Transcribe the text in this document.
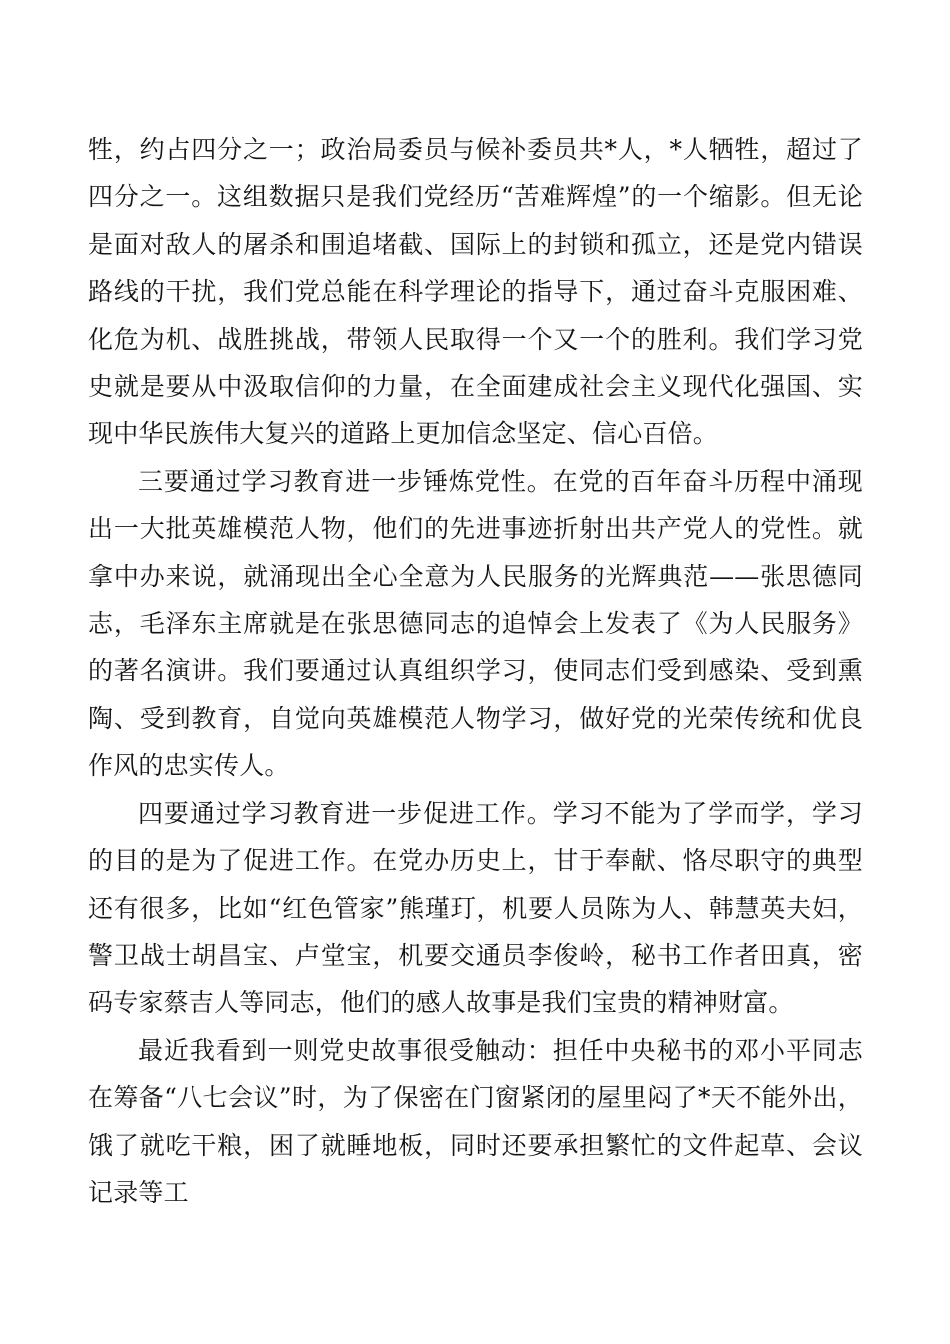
牲，约占四分之一；政治局委员与候补委员共*人，*人牺牲，超过了四分之一。这组数据只是我们党经历“苦难辉煌”的一个缩影。但无论是面对敌人的屠杀和围追堵截、国际上的封锁和孤立，还是党内错误路线的干扰，我们党总能在科学理论的指导下，通过奋斗克服困难、化危为机、战胜挑战，带领人民取得一个又一个的胜利。我们学习党史就是要从中汲取信仰的力量，在全面建成社会主义现代化强国、实现中华民族伟大复兴的道路上更加信念坚定、信心百倍。

三要通过学习教育进一步锤炼党性。在党的百年奋斗历程中涌现出一大批英雄模范人物，他们的先进事迹折射出共产党人的党性。就拿中办来说，就涌现出全心全意为人民服务的光辉典范——张思德同志，毛泽东主席就是在张思德同志的追悼会上发表了《为人民服务》的著名演讲。我们要通过认真组织学习，使同志们受到感染、受到熏陶、受到教育，自觉向英雄模范人物学习，做好党的光荣传统和优良作风的忠实传人。

四要通过学习教育进一步促进工作。学习不能为了学而学，学习的目的是为了促进工作。在党办历史上，甘于奉献、恪尽职守的典型还有很多，比如“红色管家”熊瑾玎，机要人员陈为人、韩慧英夫妇，警卫战士胡昌宝、卢堂宝，机要交通员李俊岭，秘书工作者田真，密码专家蔡吉人等同志，他们的感人故事是我们宝贵的精神财富。

最近我看到一则党史故事很受触动：担任中央秘书的邓小平同志在筹备“八七会议”时，为了保密在门窗紧闭的屋里闷了*天不能外出，饿了就吃干粮，困了就睡地板，同时还要承担繁忙的文件起草、会议记录等工
